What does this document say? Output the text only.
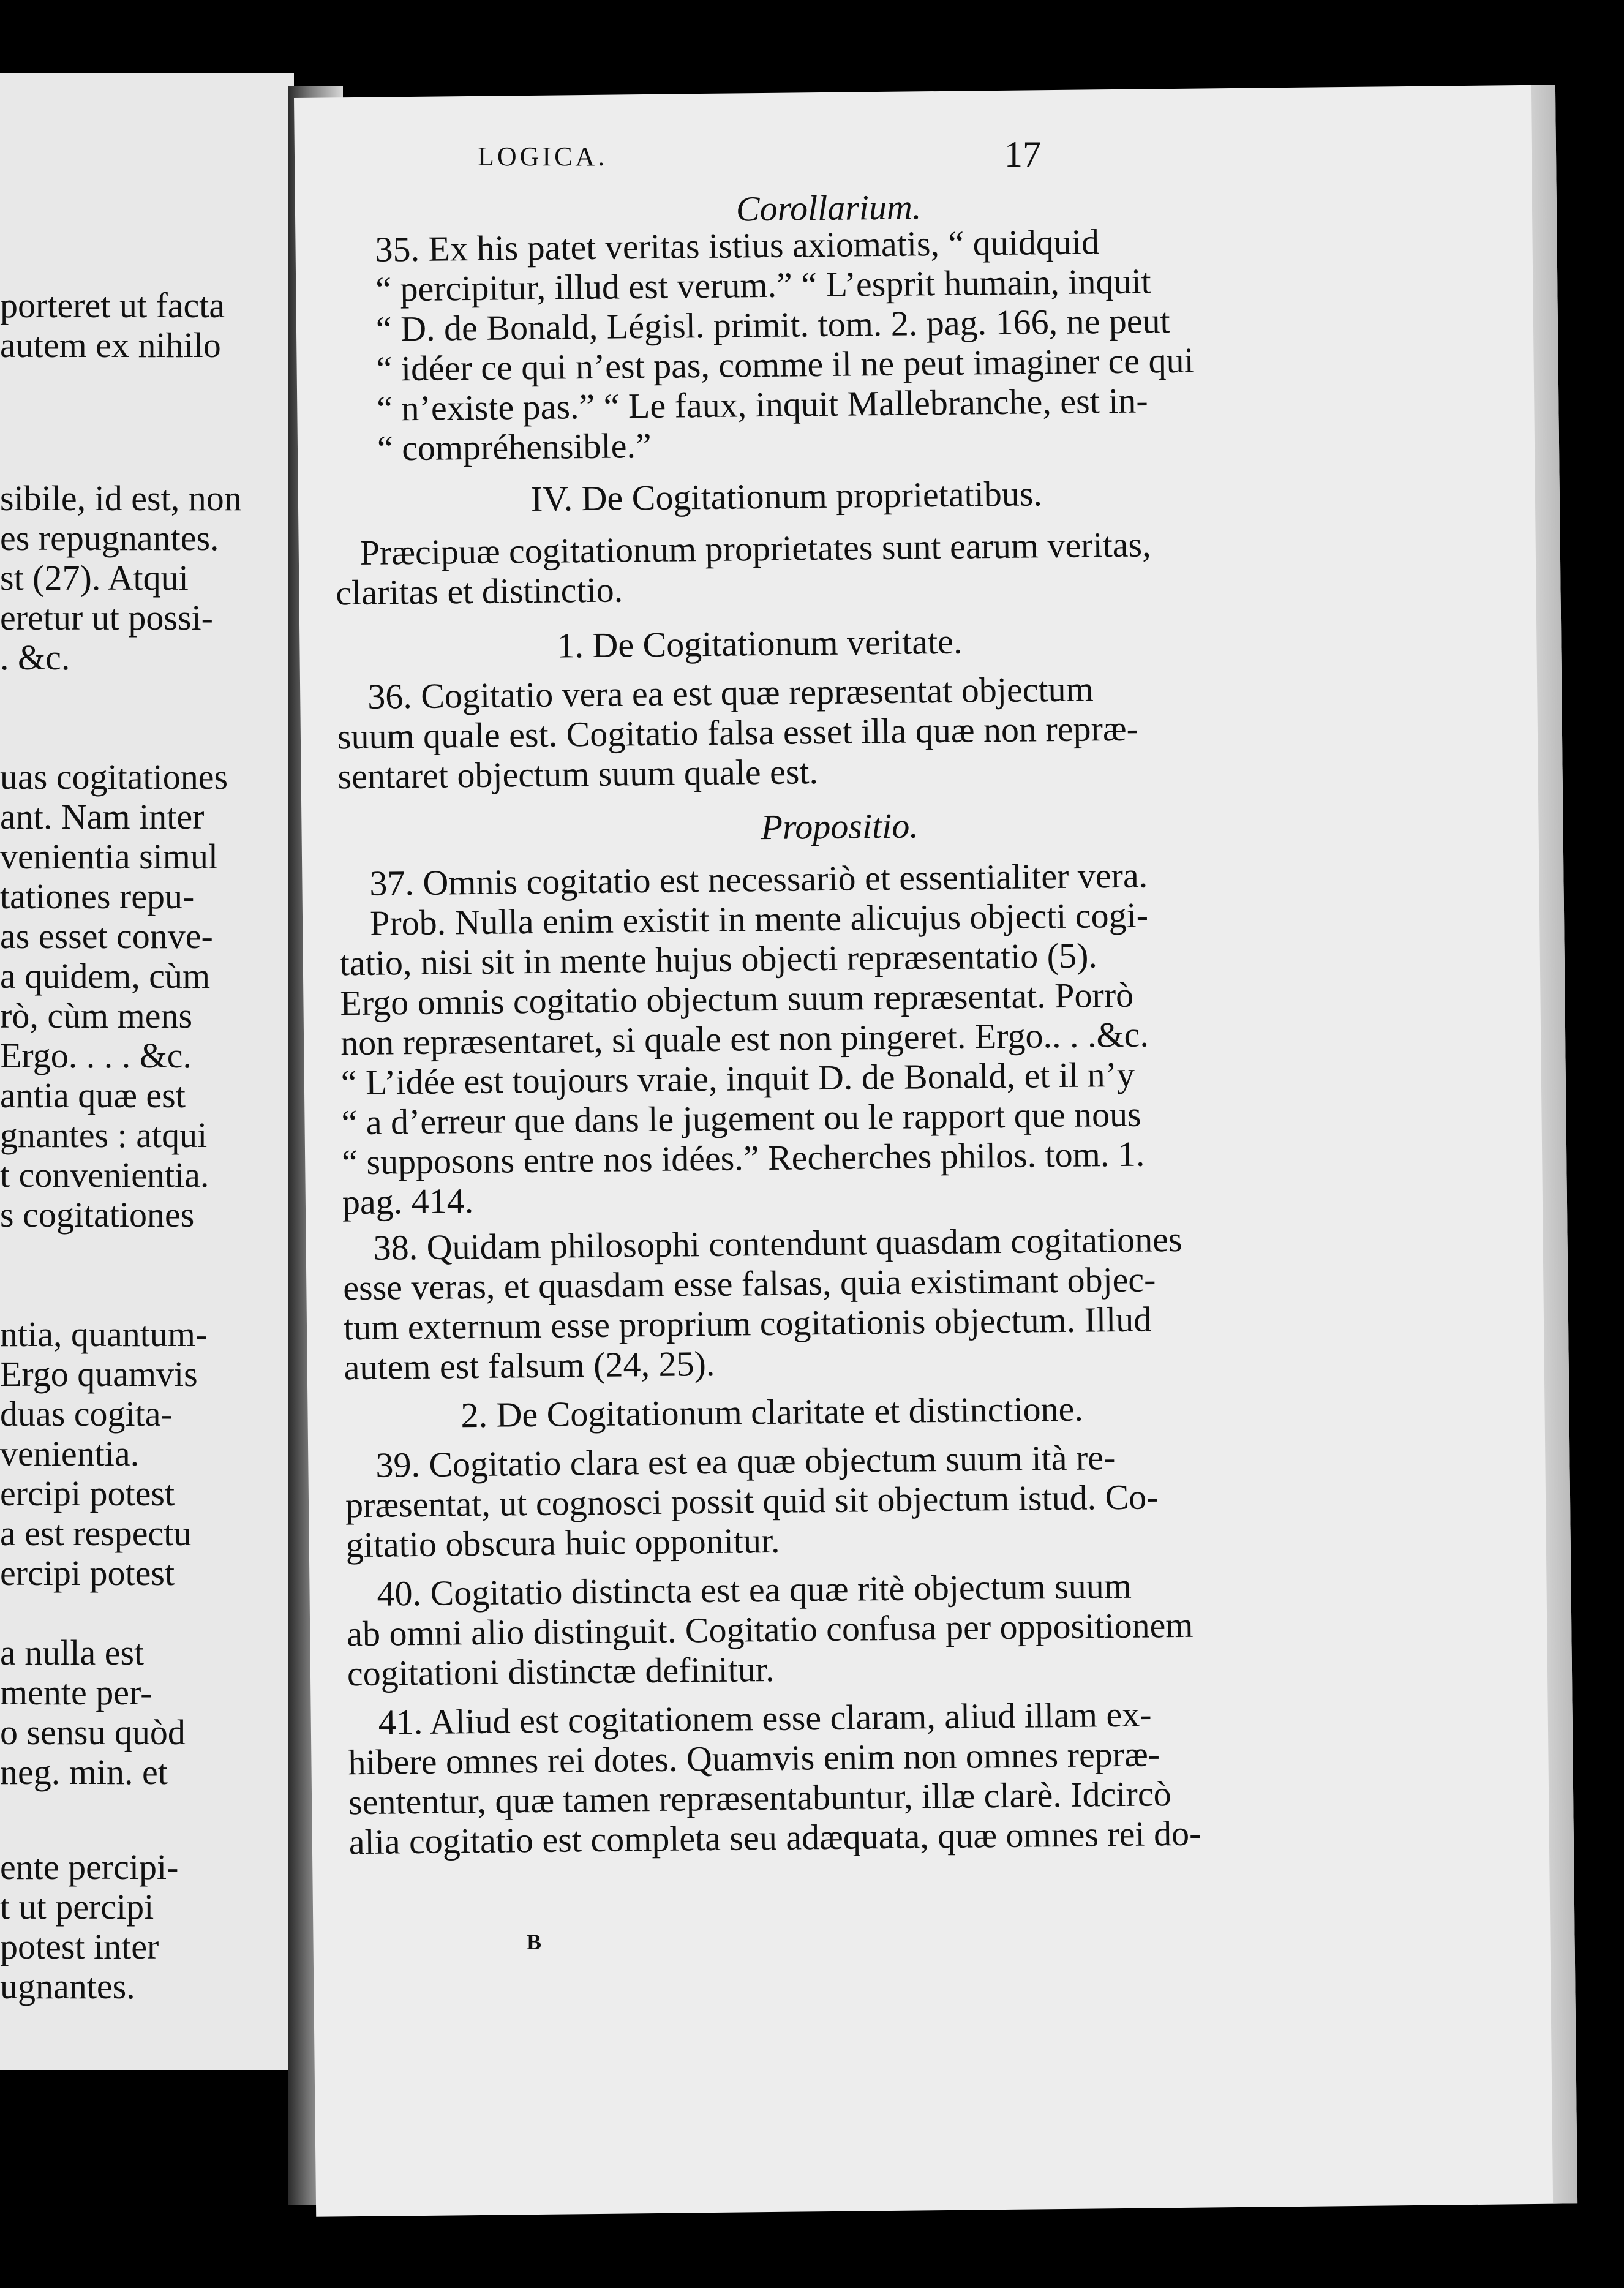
porteret ut facta
autem ex nihilo
sibile, id est, non
es repugnantes.
st (27). Atqui
eretur ut possi-
. &c.
uas cogitationes
ant. Nam inter
venientia simul
tationes repu-
as esset conve-
a quidem, cùm
rò, cùm mens
Ergo. . . . &c.
antia quæ est
gnantes : atqui
t convenientia.
s cogitationes
ntia, quantum-
Ergo quamvis
duas cogita-
venientia.
ercipi potest
a est respectu
ercipi potest
a nulla est
mente per-
o sensu quòd
neg. min. et
ente percipi-
t ut percipi
potest inter
ugnantes.
Corollarium.
35. Ex his patet veritas istius axiomatis, “ quidquid
“ percipitur, illud est verum.” “ L’esprit humain, inquit
“ D. de Bonald, Législ. primit. tom. 2. pag. 166, ne peut
“ idéer ce qui n’est pas, comme il ne peut imaginer ce qui
“ n’existe pas.” “ Le faux, inquit Mallebranche, est in-
“ compréhensible.”
IV. De Cogitationum proprietatibus.
Præcipuæ cogitationum proprietates sunt earum veritas,
claritas et distinctio.
1. De Cogitationum veritate.
36. Cogitatio vera ea est quæ repræsentat objectum
suum quale est. Cogitatio falsa esset illa quæ non repræ-
sentaret objectum suum quale est.
Propositio.
37. Omnis cogitatio est necessariò et essentialiter vera.
Prob. Nulla enim existit in mente alicujus objecti cogi-
tatio, nisi sit in mente hujus objecti repræsentatio (5).
Ergo omnis cogitatio objectum suum repræsentat. Porrò
non repræsentaret, si quale est non pingeret. Ergo.. . .&c.
“ L’idée est toujours vraie, inquit D. de Bonald, et il n’y
“ a d’erreur que dans le jugement ou le rapport que nous
“ supposons entre nos idées.” Recherches philos. tom. 1.
pag. 414.
38. Quidam philosophi contendunt quasdam cogitationes
esse veras, et quasdam esse falsas, quia existimant objec-
tum externum esse proprium cogitationis objectum. Illud
autem est falsum (24, 25).
2. De Cogitationum claritate et distinctione.
39. Cogitatio clara est ea quæ objectum suum ità re-
præsentat, ut cognosci possit quid sit objectum istud. Co-
gitatio obscura huic opponitur.
40. Cogitatio distincta est ea quæ ritè objectum suum
ab omni alio distinguit. Cogitatio confusa per oppositionem
cogitationi distinctæ definitur.
41. Aliud est cogitationem esse claram, aliud illam ex-
hibere omnes rei dotes. Quamvis enim non omnes repræ-
sententur, quæ tamen repræsentabuntur, illæ clarè. Idcircò
alia cogitatio est completa seu adæquata, quæ omnes rei do-
LOGICA.	17
B
